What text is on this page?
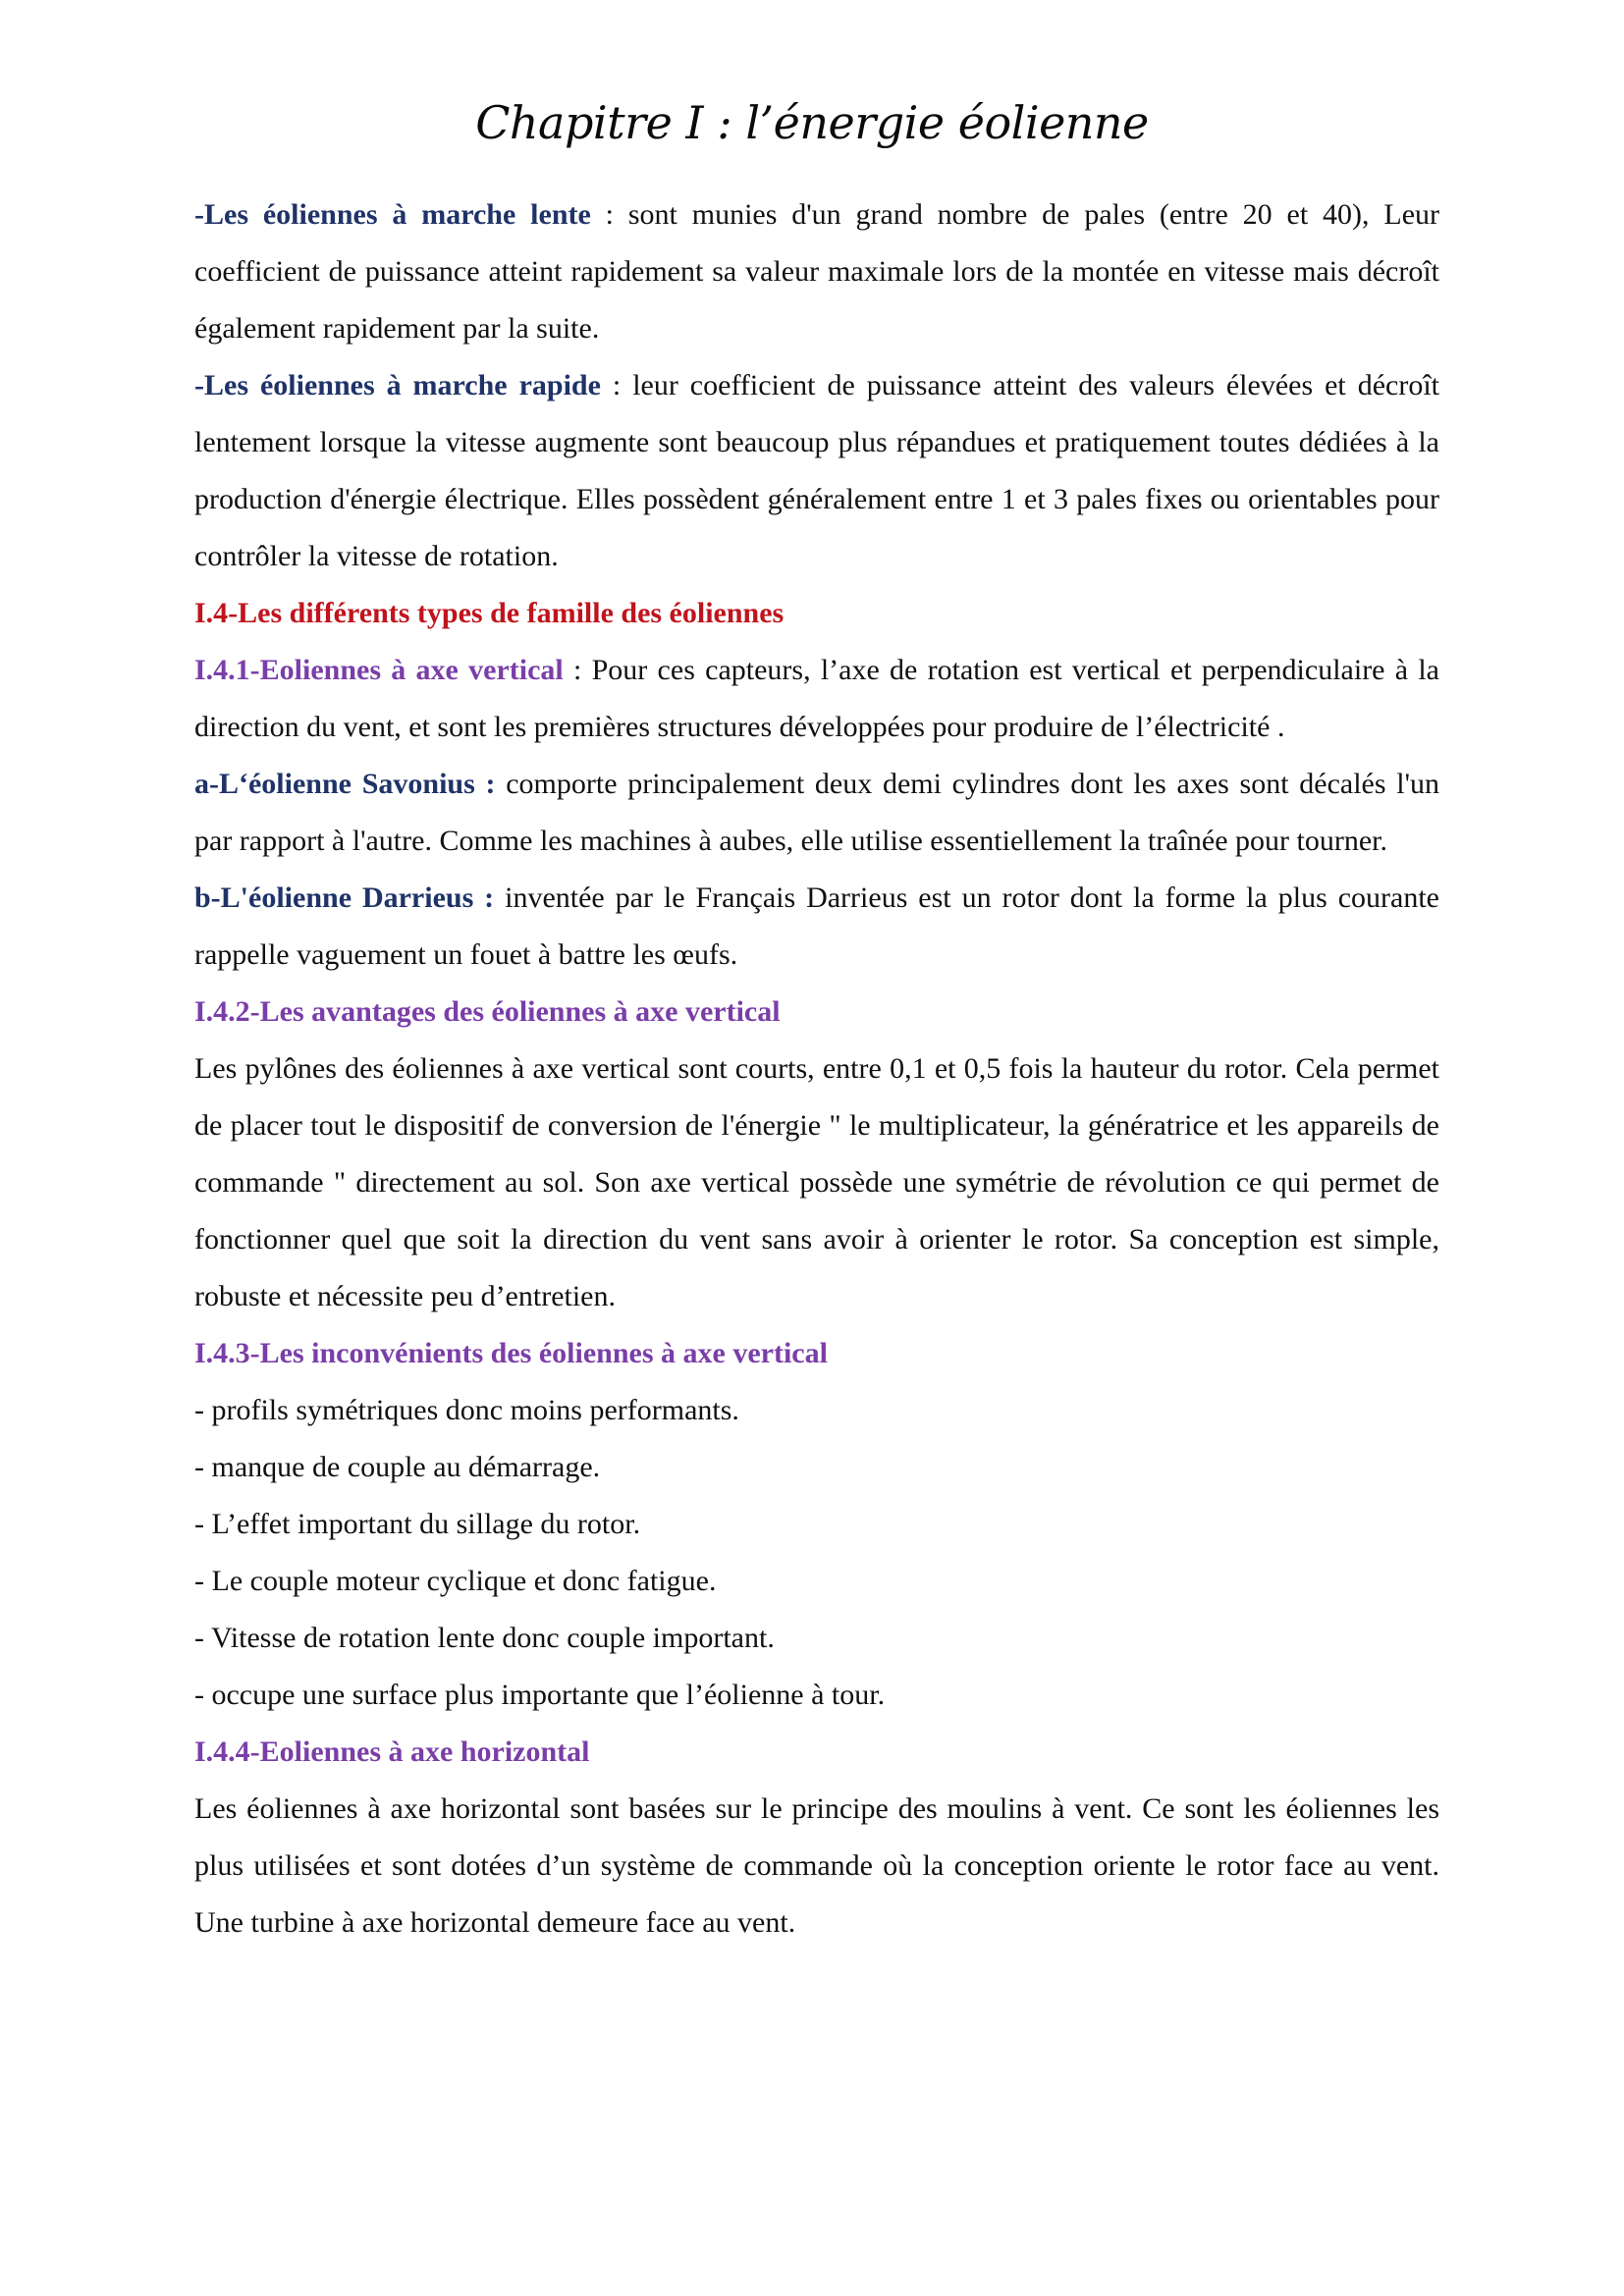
Chapitre I : l’énergie éolienne

-Les éoliennes à marche lente : sont munies d'un grand nombre de pales (entre 20 et 40), Leur coefficient de puissance atteint rapidement sa valeur maximale lors de la montée en vitesse mais décroît également rapidement par la suite.

-Les éoliennes à marche rapide : leur coefficient de puissance atteint des valeurs élevées et décroît lentement lorsque la vitesse augmente sont beaucoup plus répandues et pratiquement toutes dédiées à la production d'énergie électrique. Elles possèdent généralement entre 1 et 3 pales fixes ou orientables pour contrôler la vitesse de rotation.

I.4-Les différents types de famille des éoliennes

I.4.1-Eoliennes à axe vertical : Pour ces capteurs, l’axe de rotation est vertical et perpendiculaire à la direction du vent, et sont les premières structures développées pour produire de l’électricité .

a-L‘éolienne Savonius : comporte principalement deux demi cylindres dont les axes sont décalés l'un par rapport à l'autre. Comme les machines à aubes, elle utilise essentiellement la traînée pour tourner.

b-L'éolienne Darrieus : inventée par le Français Darrieus est un rotor dont la forme la plus courante rappelle vaguement un fouet à battre les œufs.

I.4.2-Les avantages des éoliennes à axe vertical

Les pylônes des éoliennes à axe vertical sont courts, entre 0,1 et 0,5 fois la hauteur du rotor. Cela permet de placer tout le dispositif de conversion de l'énergie " le multiplicateur, la génératrice et les appareils de commande " directement au sol. Son axe vertical possède une symétrie de révolution ce qui permet de fonctionner quel que soit la direction du vent sans avoir à orienter le rotor. Sa conception est simple, robuste et nécessite peu d’entretien.

I.4.3-Les inconvénients des éoliennes à axe vertical

- profils symétriques donc moins performants.
- manque de couple au démarrage.
- L’effet important du sillage du rotor.
- Le couple moteur cyclique et donc fatigue.
- Vitesse de rotation lente donc couple important.
- occupe une surface plus importante que l’éolienne à tour.

I.4.4-Eoliennes à axe horizontal

Les éoliennes à axe horizontal sont basées sur le principe des moulins à vent. Ce sont les éoliennes les plus utilisées et sont dotées d’un système de commande où la conception oriente le rotor face au vent. Une turbine à axe horizontal demeure face au vent.
